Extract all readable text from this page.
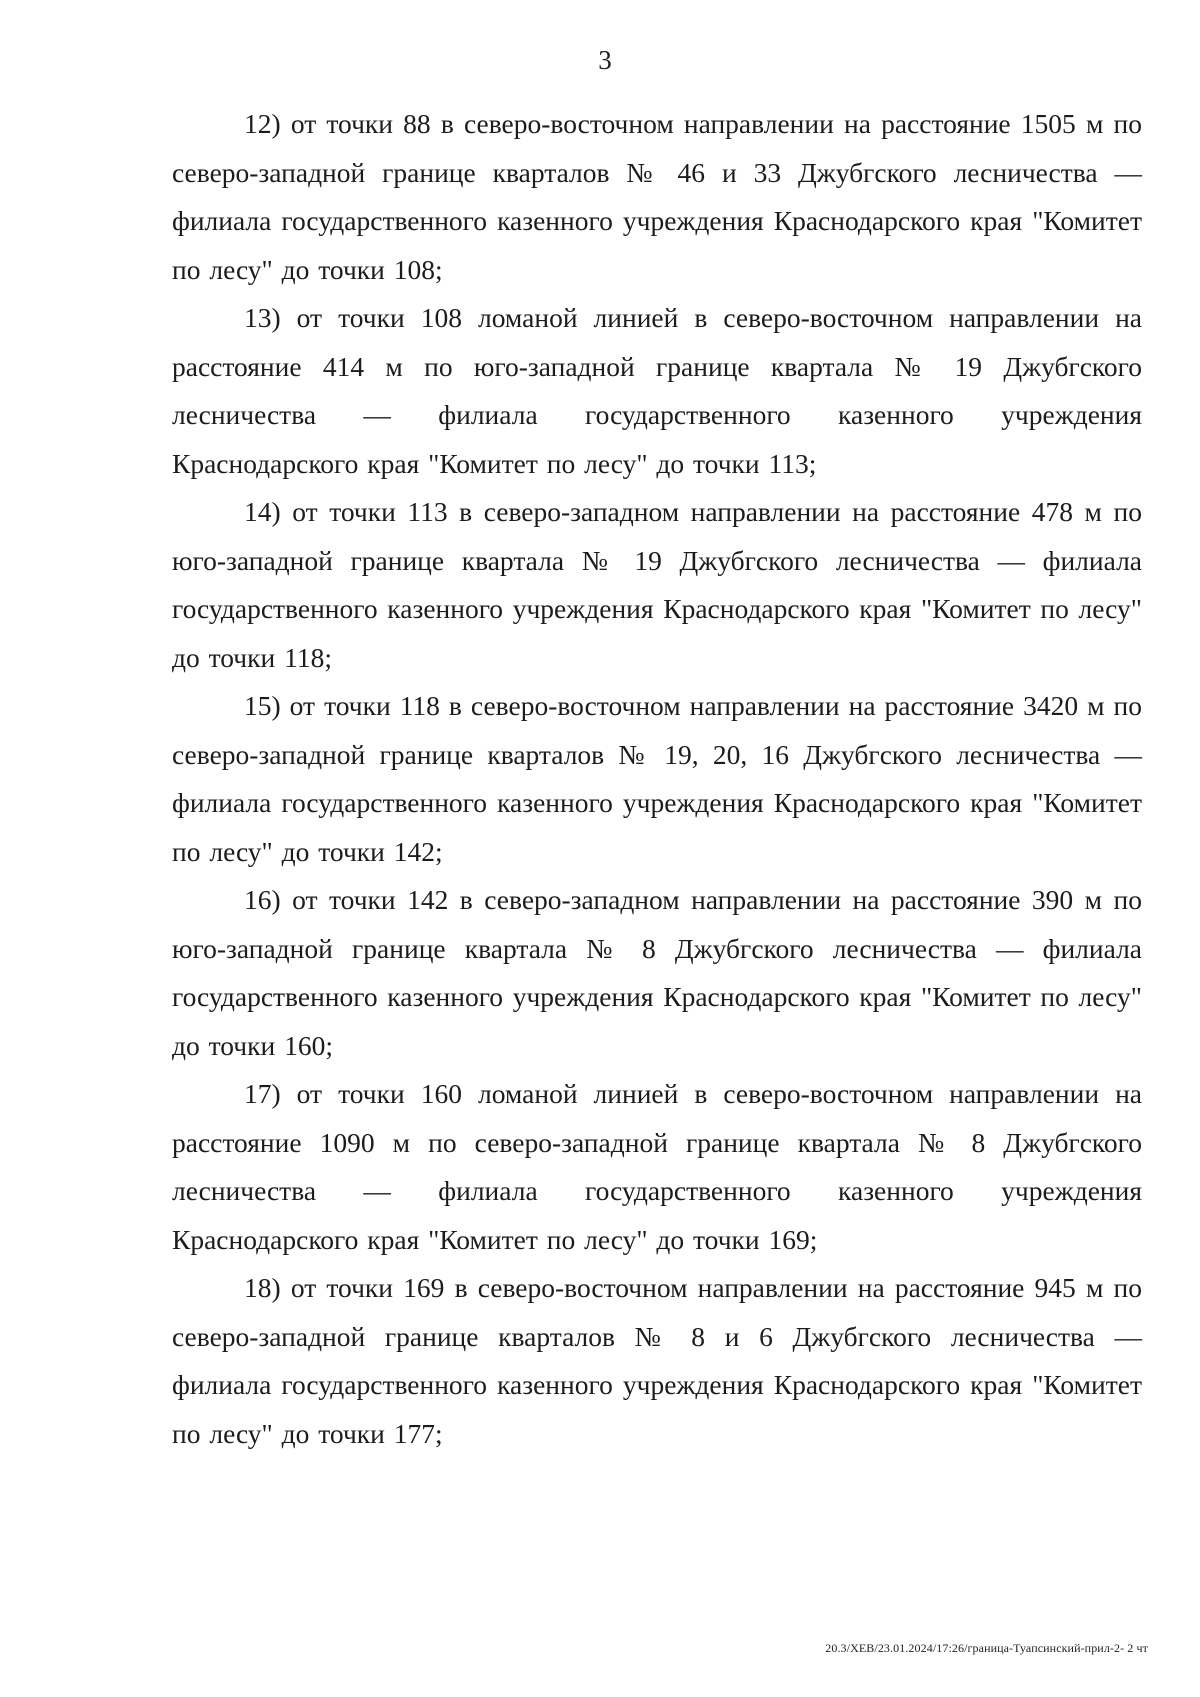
3

12) от точки 88 в северо-восточном направлении на расстояние 1505 м по северо-западной границе кварталов № 46 и 33 Джубгского лесничества — филиала государственного казенного учреждения Краснодарского края "Комитет по лесу" до точки 108;

13) от точки 108 ломаной линией в северо-восточном направлении на расстояние 414 м по юго-западной границе квартала № 19 Джубгского лесничества — филиала государственного казенного учреждения Краснодарского края "Комитет по лесу" до точки 113;

14) от точки 113 в северо-западном направлении на расстояние 478 м по юго-западной границе квартала № 19 Джубгского лесничества — филиала государственного казенного учреждения Краснодарского края "Комитет по лесу" до точки 118;

15) от точки 118 в северо-восточном направлении на расстояние 3420 м по северо-западной границе кварталов № 19, 20, 16 Джубгского лесничества — филиала государственного казенного учреждения Краснодарского края "Комитет по лесу" до точки 142;

16) от точки 142 в северо-западном направлении на расстояние 390 м по юго-западной границе квартала № 8 Джубгского лесничества — филиала государственного казенного учреждения Краснодарского края "Комитет по лесу" до точки 160;

17) от точки 160 ломаной линией в северо-восточном направлении на расстояние 1090 м по северо-западной границе квартала № 8 Джубгского лесничества — филиала государственного казенного учреждения Краснодарского края "Комитет по лесу" до точки 169;

18) от точки 169 в северо-восточном направлении на расстояние 945 м по северо-западной границе кварталов № 8 и 6 Джубгского лесничества — филиала государственного казенного учреждения Краснодарского края "Комитет по лесу" до точки 177;

20.3/ХЕВ/23.01.2024/17:26/граница-Туапсинский-прил-2- 2 чт
